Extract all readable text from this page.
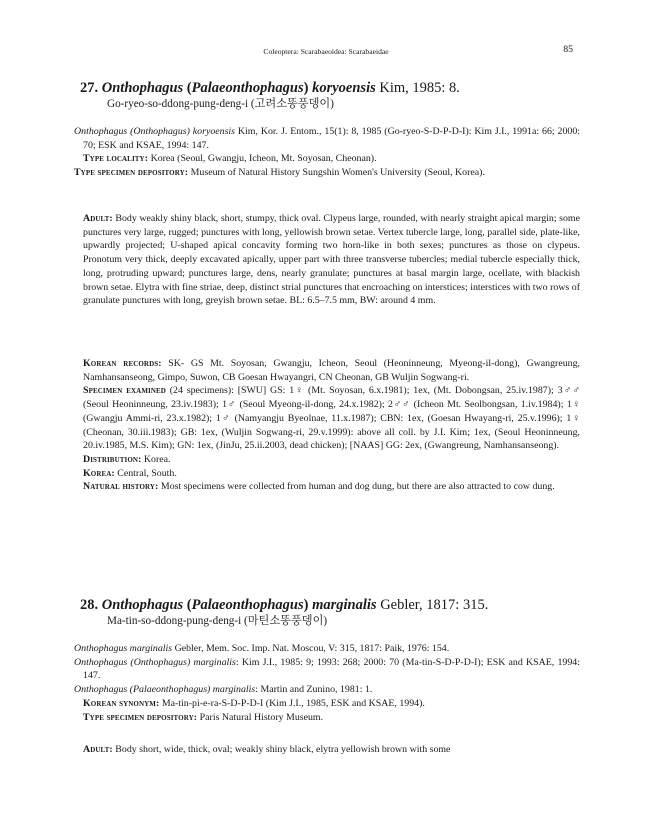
Coleoptera: Scarabaeoidea: Scarabaeidae	85
27. Onthophagus (Palaeonthophagus) koryoensis Kim, 1985: 8.
Go-ryeo-so-ddong-pung-deng-i (고려소똥풍뎅이)

Onthophagus (Onthophagus) koryoensis Kim, Kor. J. Entom., 15(1): 8, 1985 (Go-ryeo-S-D-P-D-I): Kim J.I., 1991a: 66; 2000: 70; ESK and KSAE, 1994: 147.

Type locality: Korea (Seoul, Gwangju, Icheon, Mt. Soyosan, Cheonan).

Type specimen depository: Museum of Natural History Sungshin Women's University (Seoul, Korea).

Adult: Body weakly shiny black, short, stumpy, thick oval. Clypeus large, rounded, with nearly straight apical margin; some punctures very large, rugged; punctures with long, yellowish brown setae. Vertex tubercle large, long, parallel side, plate-like, upwardly projected; U-shaped apical concavity forming two horn-like in both sexes; punctures as those on clypeus. Pronotum very thick, deeply excavated apically, upper part with three transverse tubercles; medial tubercle especially thick, long, protruding upward; punctures large, dens, nearly granulate; punctures at basal margin large, ocellate, with blackish brown setae. Elytra with fine striae, deep, distinct strial punctures that encroaching on interstices; interstices with two rows of granulate punctures with long, greyish brown setae. BL: 6.5–7.5 mm, BW: around 4 mm.

Korean records: SK- GS Mt. Soyosan, Gwangju, Icheon, Seoul (Heoninneung, Myeong-il-dong), Gwangreung, Namhansanseong, Gimpo, Suwon, CB Goesan Hwayangri, CN Cheonan, GB Wuljin Sogwang-ri.

Specimen examined (24 specimens): [SWU] GS: 1♀ (Mt. Soyosan, 6.x.1981); 1ex, (Mt. Dobongsan, 25.iv.1987); 3♂♂ (Seoul Heoninneung, 23.iv.1983); 1♂ (Seoul Myeong-il-dong, 24.x.1982); 2♂♂ (Icheon Mt. Seolbongsan, 1.iv.1984); 1♀ (Gwangju Ammi-ri, 23.x.1982); 1♂ (Namyangju Byeolnae, 11.x.1987); CBN: 1ex, (Goesan Hwayang-ri, 25.v.1996); 1♀ (Cheonan, 30.iii.1983); GB: 1ex, (Wuljin Sogwang-ri, 29.v.1999): above all coll. by J.I. Kim; 1ex, (Seoul Heoninneung, 20.iv.1985, M.S. Kim); GN: 1ex, (JinJu, 25.ii.2003, dead chicken); [NAAS] GG: 2ex, (Gwangreung, Namhansanseong).

Distribution: Korea.

Korea: Central, South.

Natural history: Most specimens were collected from human and dog dung, but there are also attracted to cow dung.

28. Onthophagus (Palaeonthophagus) marginalis Gebler, 1817: 315.
Ma-tin-so-ddong-pung-deng-i (마틴소똥풍뎅이)

Onthophagus marginalis Gebler, Mem. Soc. Imp. Nat. Moscou, V: 315, 1817: Paik, 1976: 154.

Onthophagus (Onthophagus) marginalis: Kim J.I., 1985: 9; 1993: 268; 2000: 70 (Ma-tin-S-D-P-D-I); ESK and KSAE, 1994: 147.

Onthophagus (Palaeonthophagus) marginalis: Martin and Zunino, 1981: 1.

Korean synonym: Ma-tin-pi-e-ra-S-D-P-D-I (Kim J.I., 1985, ESK and KSAE, 1994).

Type specimen depository: Paris Natural History Museum.

Adult: Body short, wide, thick, oval; weakly shiny black, elytra yellowish brown with some
